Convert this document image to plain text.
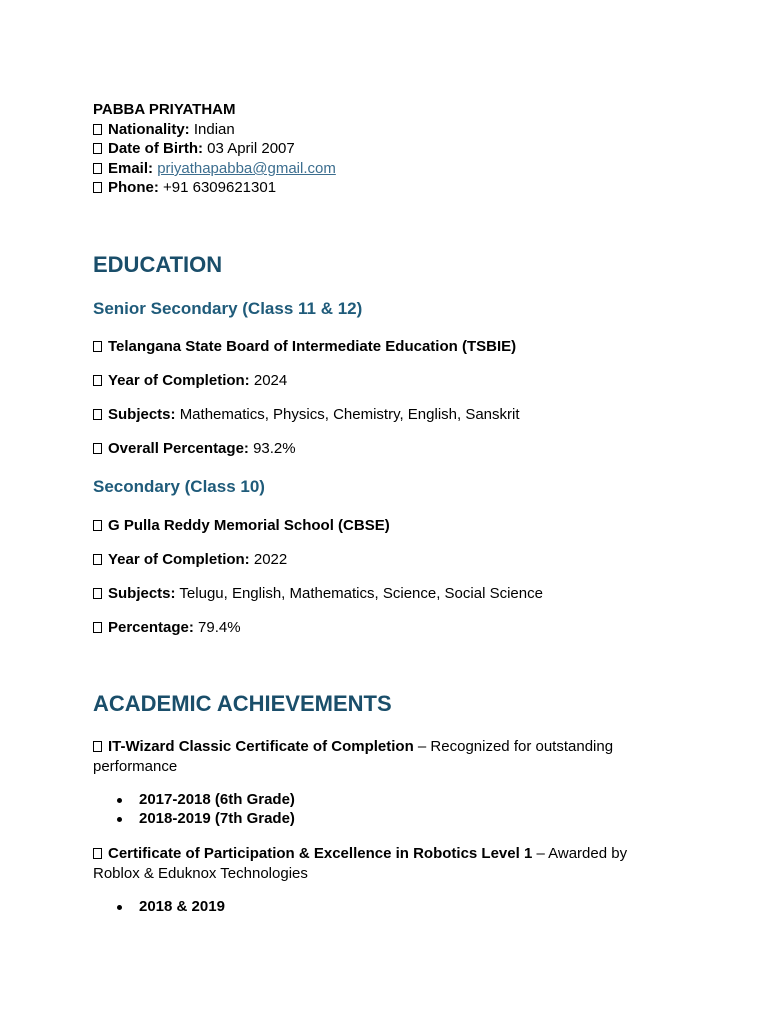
PABBA PRIYATHAM
Nationality: Indian
Date of Birth: 03 April 2007
Email: priyathapabba@gmail.com
Phone: +91 6309621301
EDUCATION
Senior Secondary (Class 11 & 12)
Telangana State Board of Intermediate Education (TSBIE)
Year of Completion: 2024
Subjects: Mathematics, Physics, Chemistry, English, Sanskrit
Overall Percentage: 93.2%
Secondary (Class 10)
G Pulla Reddy Memorial School (CBSE)
Year of Completion: 2022
Subjects: Telugu, English, Mathematics, Science, Social Science
Percentage: 79.4%
ACADEMIC ACHIEVEMENTS
IT-Wizard Classic Certificate of Completion – Recognized for outstanding performance
2017-2018 (6th Grade)
2018-2019 (7th Grade)
Certificate of Participation & Excellence in Robotics Level 1 – Awarded by Roblox & Eduknox Technologies
2018 & 2019
